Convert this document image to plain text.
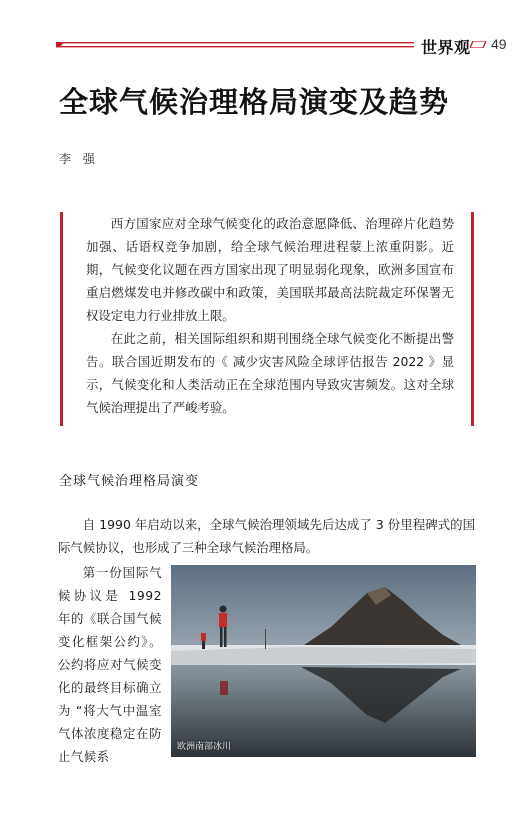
世界观 49
全球气候治理格局演变及趋势
李 强

西方国家应对全球气候变化的政治意愿降低、治理碎片化趋势加强、话语权竞争加剧，给全球气候治理进程蒙上浓重阴影。近期，气候变化议题在西方国家出现了明显弱化现象，欧洲多国宣布重启燃煤发电并修改碳中和政策，美国联邦最高法院裁定环保署无权设定电力行业排放上限。

在此之前，相关国际组织和期刊围绕全球气候变化不断提出警告。联合国近期发布的《 减少灾害风险全球评估报告 2022 》显示，气候变化和人类活动正在全球范围内导致灾害频发。这对全球气候治理提出了严峻考验。

全球气候治理格局演变

自 1990 年启动以来，全球气候治理领域先后达成了 3 份里程碑式的国际气候协议，也形成了三种全球气候治理格局。

第一份国际气候协议是 1992 年的《联合国气候变化框架公约》。公约将应对气候变化的最终目标确立为 “将大气中温室气体浓度稳定在防止气候系

欧洲南部冰川
